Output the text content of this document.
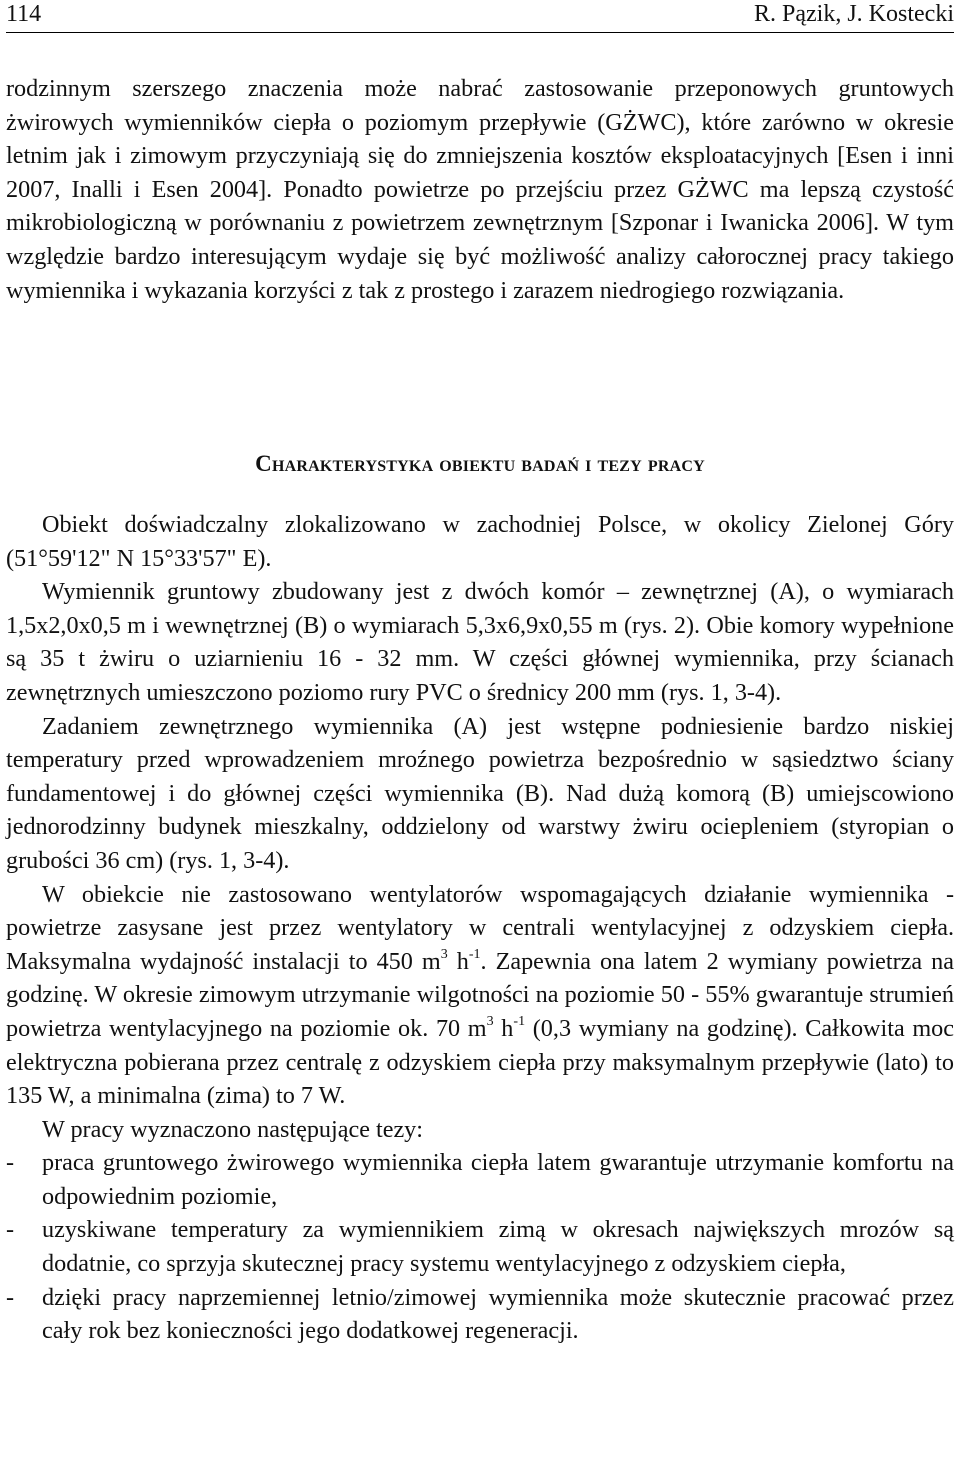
114	R. Pązik, J. Kostecki

rodzinnym szerszego znaczenia może nabrać zastosowanie przeponowych gruntowych żwirowych wymienników ciepła o poziomym przepływie (GŻWC), które zarówno w okresie letnim jak i zimowym przyczyniają się do zmniejszenia kosztów eksploatacyjnych [Esen i inni 2007, Inalli i Esen 2004]. Ponadto powietrze po przejściu przez GŻWC ma lepszą czystość mikrobiologiczną w porównaniu z powietrzem zewnętrznym [Szponar i Iwanicka 2006]. W tym względzie bardzo interesującym wydaje się być możliwość analizy całorocznej pracy takiego wymiennika i wykazania korzyści z tak z prostego i zarazem niedrogiego rozwiązania.

Charakterystyka obiektu badań i tezy pracy

Obiekt doświadczalny zlokalizowano w zachodniej Polsce, w okolicy Zielonej Góry (51°59'12" N 15°33'57" E).

Wymiennik gruntowy zbudowany jest z dwóch komór – zewnętrznej (A), o wymiarach 1,5x2,0x0,5 m i wewnętrznej (B) o wymiarach 5,3x6,9x0,55 m (rys. 2). Obie komory wypełnione są 35 t żwiru o uziarnieniu 16 - 32 mm. W części głównej wymiennika, przy ścianach zewnętrznych umieszczono poziomo rury PVC o średnicy 200 mm (rys. 1, 3-4).

Zadaniem zewnętrznego wymiennika (A) jest wstępne podniesienie bardzo niskiej temperatury przed wprowadzeniem mroźnego powietrza bezpośrednio w sąsiedztwo ściany fundamentowej i do głównej części wymiennika (B). Nad dużą komorą (B) umiejscowiono jednorodzinny budynek mieszkalny, oddzielony od warstwy żwiru ociepleniem (styropian o grubości 36 cm) (rys. 1, 3-4).

W obiekcie nie zastosowano wentylatorów wspomagających działanie wymiennika - powietrze zasysane jest przez wentylatory w centrali wentylacyjnej z odzyskiem ciepła. Maksymalna wydajność instalacji to 450 $m^3$ $h^{-1}$. Zapewnia ona latem 2 wymiany powietrza na godzinę. W okresie zimowym utrzymanie wilgotności na poziomie 50 - 55% gwarantuje strumień powietrza wentylacyjnego na poziomie ok. 70 $m^3$ $h^{-1}$ (0,3 wymiany na godzinę). Całkowita moc elektryczna pobierana przez centralę z odzyskiem ciepła przy maksymalnym przepływie (lato) to 135 W, a minimalna (zima) to 7 W.

W pracy wyznaczono następujące tezy:

- praca gruntowego żwirowego wymiennika ciepła latem gwarantuje utrzymanie komfortu na odpowiednim poziomie,
- uzyskiwane temperatury za wymiennikiem zimą w okresach największych mrozów są dodatnie, co sprzyja skutecznej pracy systemu wentylacyjnego z odzyskiem ciepła,
- dzięki pracy naprzemiennej letnio/zimowej wymiennika może skutecznie pracować przez cały rok bez konieczności jego dodatkowej regeneracji.
